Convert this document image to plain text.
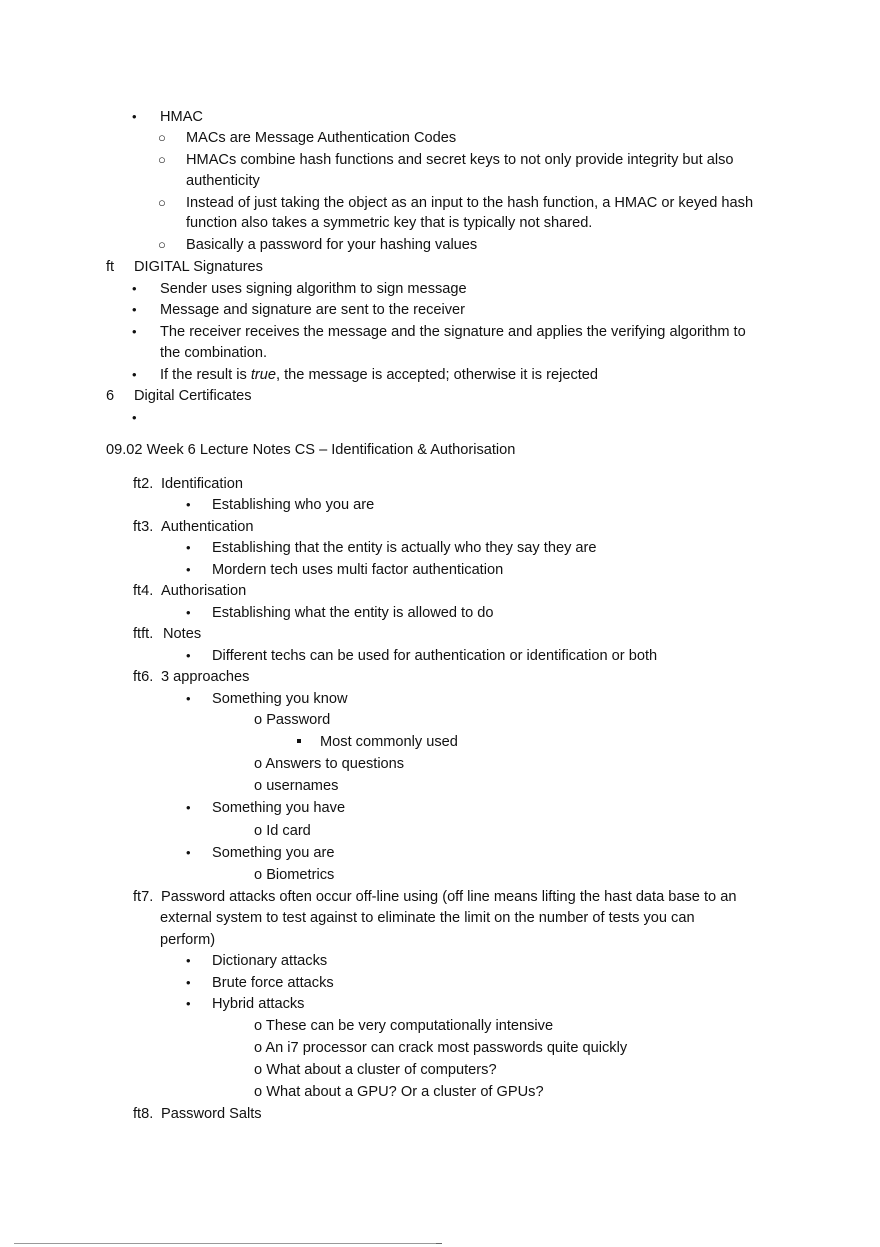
• HMAC
○ MACs are Message Authentication Codes
○ HMACs combine hash functions and secret keys to not only provide integrity but also
authenticity
○ Instead of just taking the object as an input to the hash function, a HMAC or keyed hash
function also takes a symmetric key that is typically not shared.
○ Basically a password for your hashing values
ft DIGITAL Signatures
• Sender uses signing algorithm to sign message
• Message and signature are sent to the receiver
• The receiver receives the message and the signature and applies the verifying algorithm to
the combination.
• If the result is true, the message is accepted; otherwise it is rejected
6 Digital Certificates
•
09.02 Week 6 Lecture Notes CS – Identification & Authorisation
ft2. Identification
• Establishing who you are
ft3. Authentication
• Establishing that the entity is actually who they say they are
• Mordern tech uses multi factor authentication
ft4. Authorisation
• Establishing what the entity is allowed to do
ftft. Notes
• Different techs can be used for authentication or identification or both
ft6. 3 approaches
• Something you know
o Password
Most commonly used
o Answers to questions
o usernames
• Something you have
o Id card
• Something you are
o Biometrics
ft7. Password attacks often occur off-line using (off line means lifting the hast data base to an
external system to test against to eliminate the limit on the number of tests you can
perform)
• Dictionary attacks
• Brute force attacks
• Hybrid attacks
o These can be very computationally intensive
o An i7 processor can crack most passwords quite quickly
o What about a cluster of computers?
o What about a GPU? Or a cluster of GPUs?
ft8. Password Salts
